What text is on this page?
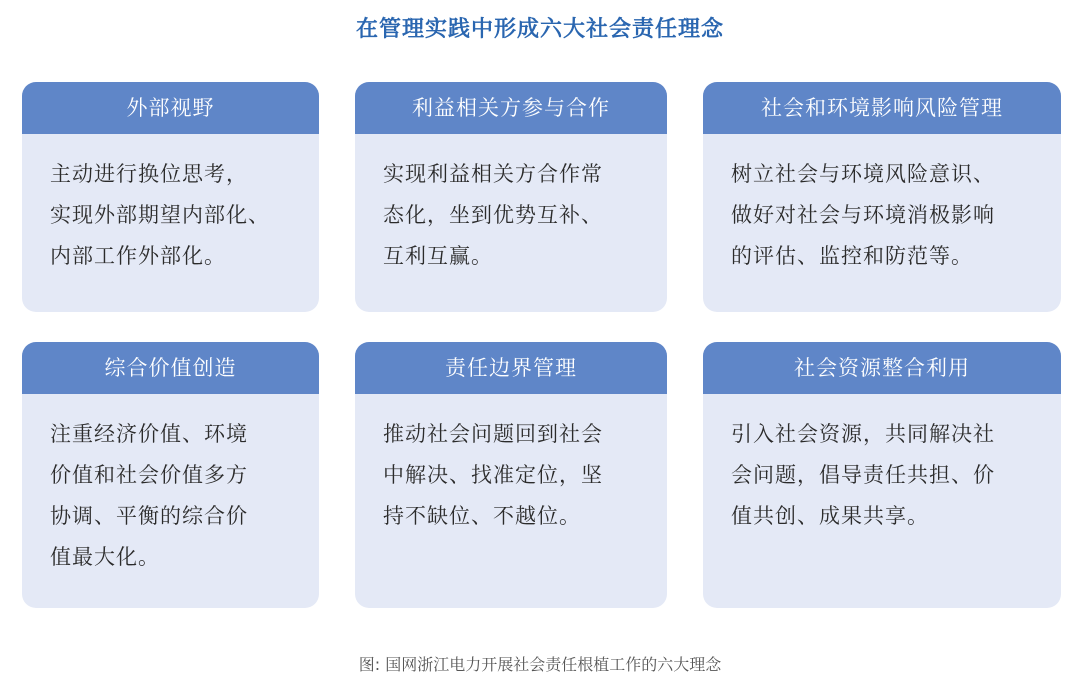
在管理实践中形成六大社会责任理念
外部视野
主动进行换位思考，
实现外部期望内部化、
内部工作外部化。
利益相关方参与合作
实现利益相关方合作常
态化，坐到优势互补、
互利互赢。
社会和环境影响风险管理
树立社会与环境风险意识、
做好对社会与环境消极影响
的评估、监控和防范等。
综合价值创造
注重经济价值、环境
价值和社会价值多方
协调、平衡的综合价
值最大化。
责任边界管理
推动社会问题回到社会
中解决、找准定位，坚
持不缺位、不越位。
社会资源整合利用
引入社会资源，共同解决社
会问题，倡导责任共担、价
值共创、成果共享。
图: 国网浙江电力开展社会责任根植工作的六大理念
